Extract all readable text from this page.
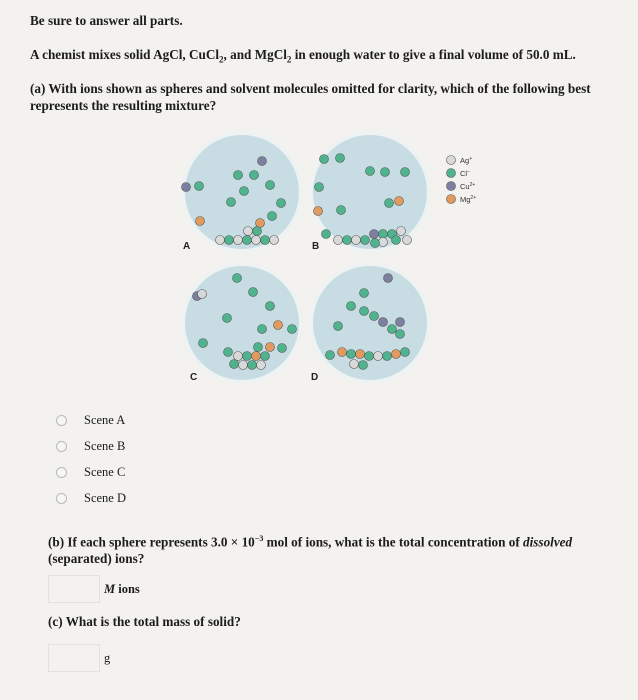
Be sure to answer all parts.
A chemist mixes solid AgCl, CuCl$_2$, and MgCl$_2$ in enough water to give a final volume of 50.0 mL.
(a) With ions shown as spheres and solvent molecules omitted for clarity, which of the following best represents the resulting mixture?
A	B
C	D
Ag+
Cl−
$Cu^{2+}$
$Mg^{2+}$
Scene A
Scene B
Scene C
Scene D
(b) If each sphere represents $3.0 \times 10^{-3}$ mol of ions, what is the total concentration of dissolved (separated) ions?
M ions
(c) What is the total mass of solid?
g
